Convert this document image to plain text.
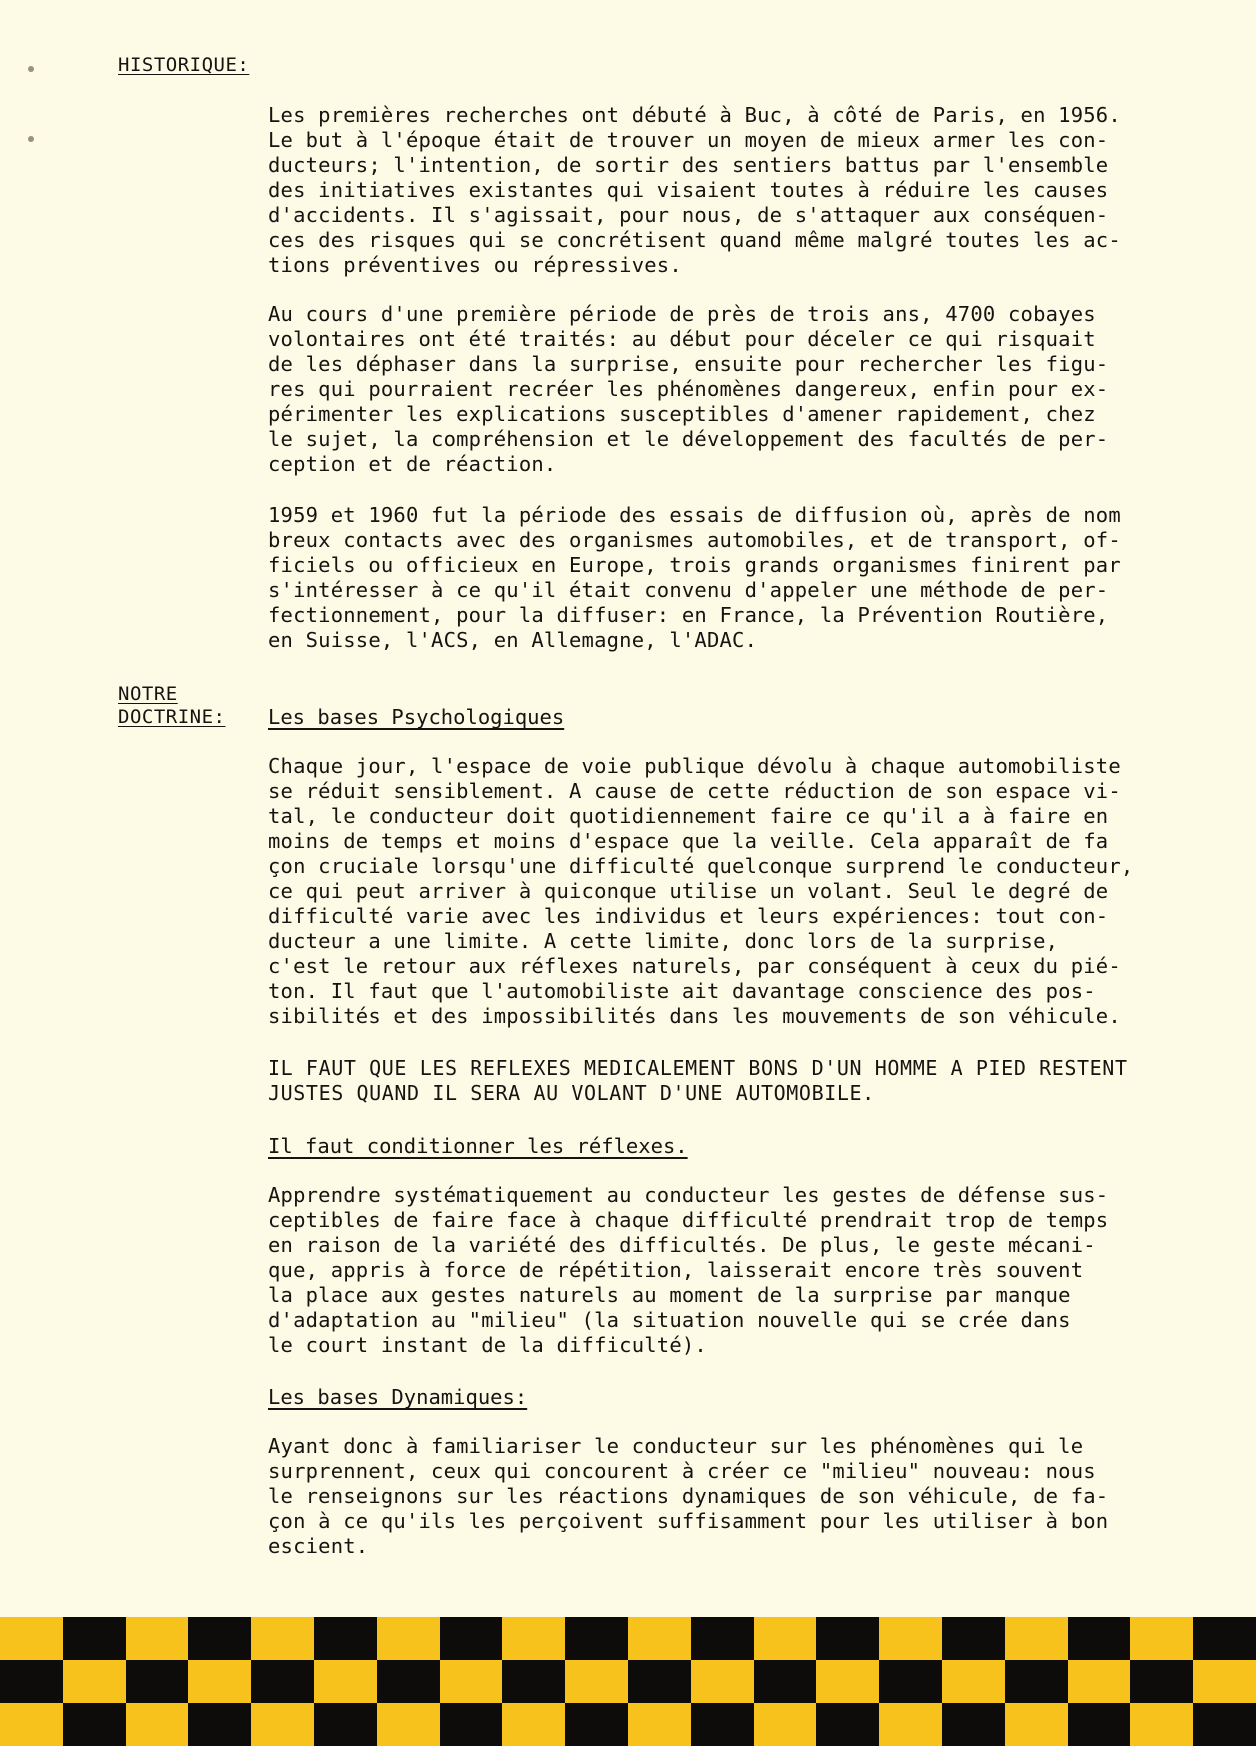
HISTORIQUE:

Les premières recherches ont débuté à Buc, à côté de Paris, en 1956.
Le but à l'époque était de trouver un moyen de mieux armer les con-
ducteurs; l'intention, de sortir des sentiers battus par l'ensemble
des initiatives existantes qui visaient toutes à réduire les causes
d'accidents. Il s'agissait, pour nous, de s'attaquer aux conséquen-
ces des risques qui se concrétisent quand même malgré toutes les ac-
tions préventives ou répressives.

Au cours d'une première période de près de trois ans, 4700 cobayes
volontaires ont été traités: au début pour déceler ce qui risquait
de les déphaser dans la surprise, ensuite pour rechercher les figu-
res qui pourraient recréer les phénomènes dangereux, enfin pour ex-
périmenter les explications susceptibles d'amener rapidement, chez
le sujet, la compréhension et le développement des facultés de per-
ception et de réaction.

1959 et 1960 fut la période des essais de diffusion où, après de nom
breux contacts avec des organismes automobiles, et de transport, of-
ficiels ou officieux en Europe, trois grands organismes finirent par
s'intéresser à ce qu'il était convenu d'appeler une méthode de per-
fectionnement, pour la diffuser: en France, la Prévention Routière,
en Suisse, l'ACS, en Allemagne, l'ADAC.

NOTRE
DOCTRINE: Les bases Psychologiques

Chaque jour, l'espace de voie publique dévolu à chaque automobiliste
se réduit sensiblement. A cause de cette réduction de son espace vi-
tal, le conducteur doit quotidiennement faire ce qu'il a à faire en
moins de temps et moins d'espace que la veille. Cela apparaît de fa
çon cruciale lorsqu'une difficulté quelconque surprend le conducteur,
ce qui peut arriver à quiconque utilise un volant. Seul le degré de
difficulté varie avec les individus et leurs expériences: tout con-
ducteur a une limite. A cette limite, donc lors de la surprise,
c'est le retour aux réflexes naturels, par conséquent à ceux du pié-
ton. Il faut que l'automobiliste ait davantage conscience des pos-
sibilités et des impossibilités dans les mouvements de son véhicule.

IL FAUT QUE LES REFLEXES MEDICALEMENT BONS D'UN HOMME A PIED RESTENT
JUSTES QUAND IL SERA AU VOLANT D'UNE AUTOMOBILE.

Il faut conditionner les réflexes.

Apprendre systématiquement au conducteur les gestes de défense sus-
ceptibles de faire face à chaque difficulté prendrait trop de temps
en raison de la variété des difficultés. De plus, le geste mécani-
que, appris à force de répétition, laisserait encore très souvent
la place aux gestes naturels au moment de la surprise par manque
d'adaptation au "milieu" (la situation nouvelle qui se crée dans
le court instant de la difficulté).

Les bases Dynamiques:

Ayant donc à familiariser le conducteur sur les phénomènes qui le
surprennent, ceux qui concourent à créer ce "milieu" nouveau: nous
le renseignons sur les réactions dynamiques de son véhicule, de fa-
çon à ce qu'ils les perçoivent suffisamment pour les utiliser à bon
escient.
